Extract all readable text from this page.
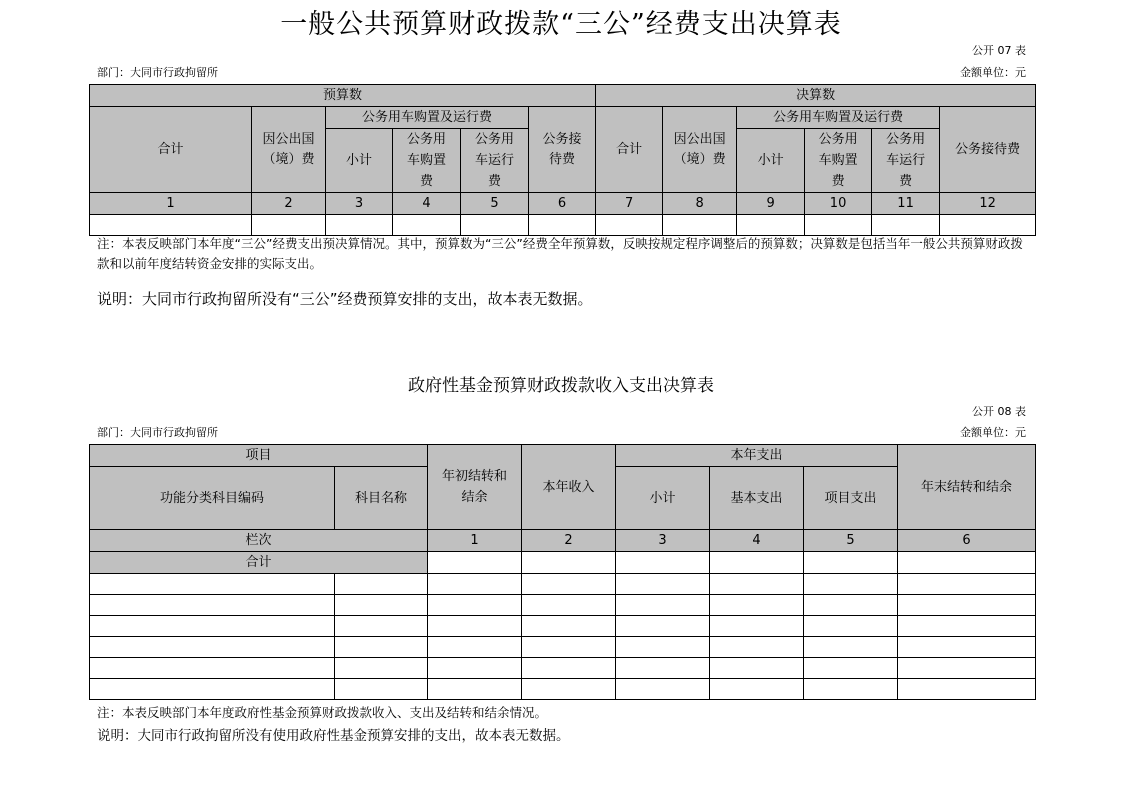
一般公共预算财政拨款“三公”经费支出决算表
公开 07 表
部门：大同市行政拘留所	金额单位：元
预算数						决算数					
合计	因公出国（境）费	公务用车购置及运行费			公务接待费	合计	因公出国（境）费	公务用车购置及运行费			公务接待费
		小计	公务用车购置费	公务用车运行费				小计	公务用车购置费	公务用车运行费	
1	2	3	4	5	6	7	8	9	10	11	12

注：本表反映部门本年度“三公”经费支出预决算情况。其中，预算数为“三公”经费全年预算数，反映按规定程序调整后的预算数；决算数是包括当年一般公共预算财政拨款和以前年度结转资金安排的实际支出。
说明：大同市行政拘留所没有“三公”经费预算安排的支出，故本表无数据。
政府性基金预算财政拨款收入支出决算表
公开 08 表
部门：大同市行政拘留所	金额单位：元
项目		年初结转和结余	本年收入	本年支出			年末结转和结余
功能分类科目编码	科目名称			小计	基本支出	项目支出	
栏次		1	2	3	4	5	6
合计							

注：本表反映部门本年度政府性基金预算财政拨款收入、支出及结转和结余情况。
说明：大同市行政拘留所没有使用政府性基金预算安排的支出，故本表无数据。
